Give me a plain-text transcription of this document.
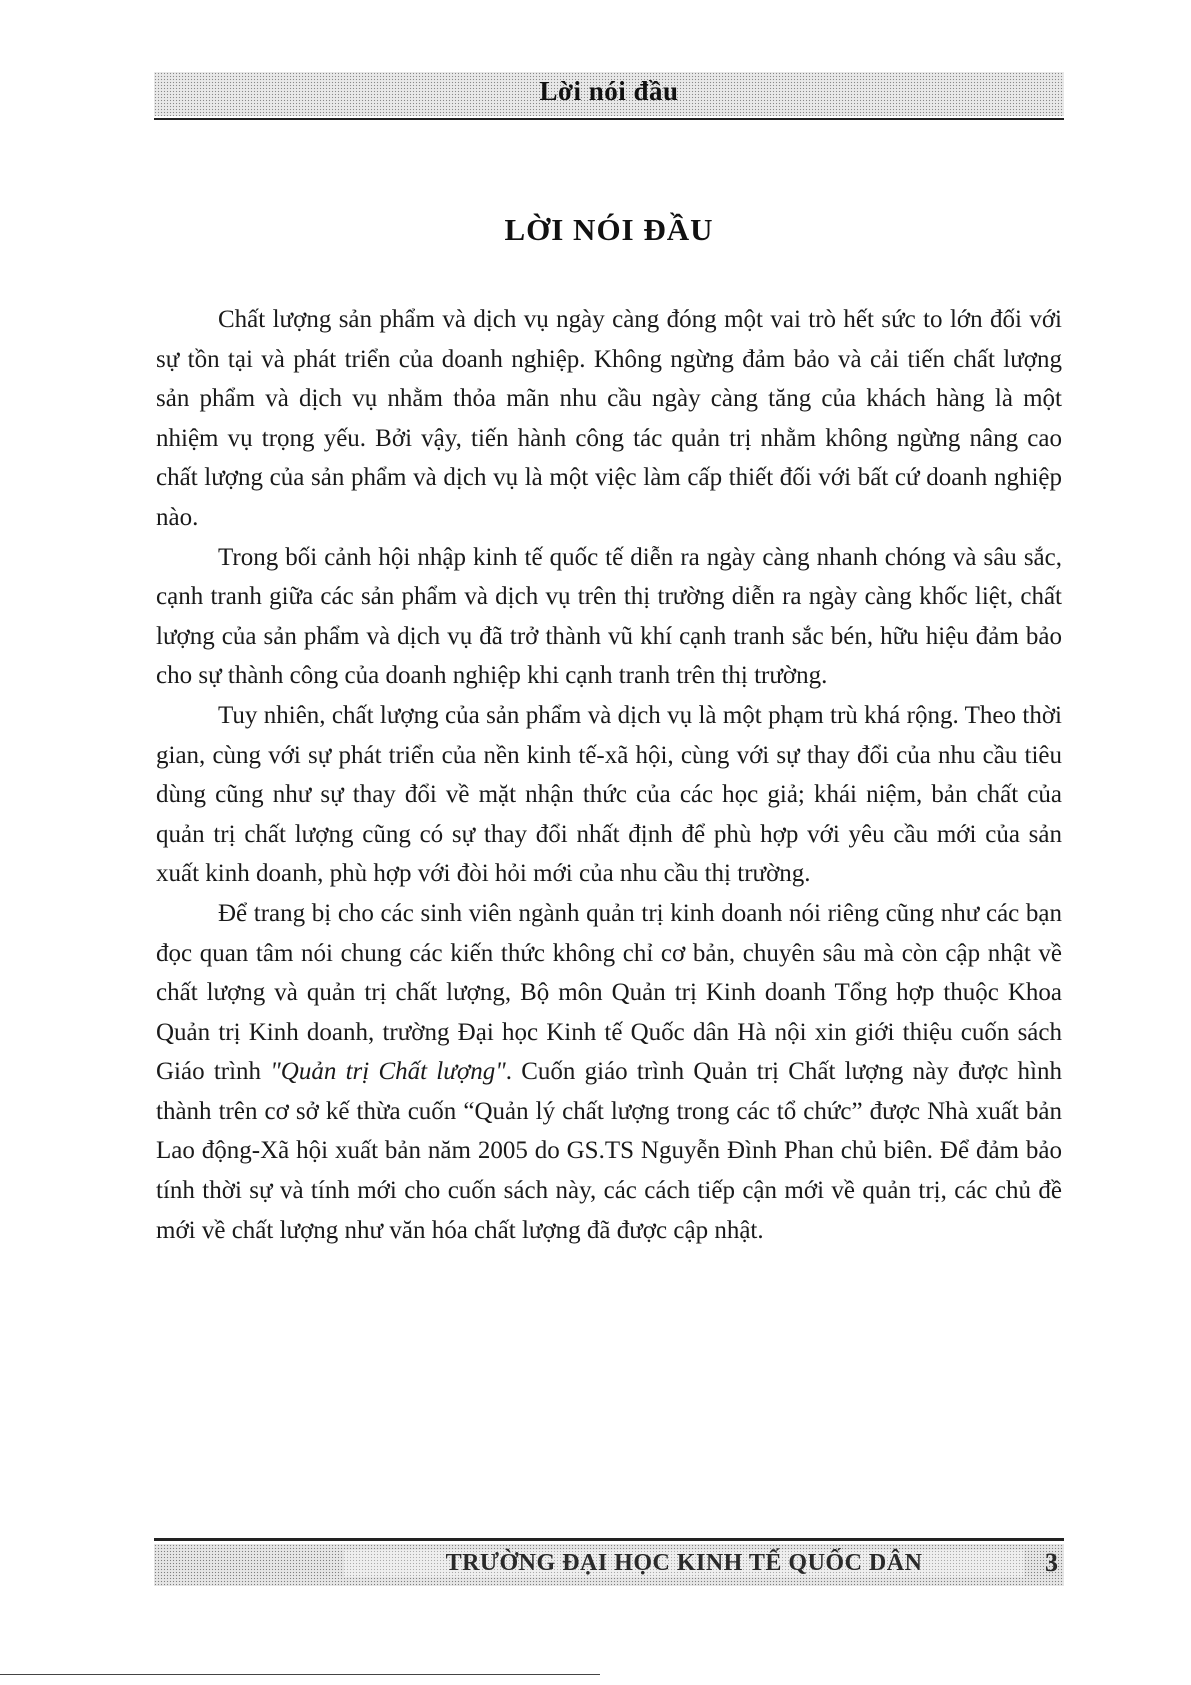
Lời nói đầu
LỜI NÓI ĐẦU

Chất lượng sản phẩm và dịch vụ ngày càng đóng một vai trò hết sức to lớn đối với sự tồn tại và phát triển của doanh nghiệp. Không ngừng đảm bảo và cải tiến chất lượng sản phẩm và dịch vụ nhằm thỏa mãn nhu cầu ngày càng tăng của khách hàng là một nhiệm vụ trọng yếu. Bởi vậy, tiến hành công tác quản trị nhằm không ngừng nâng cao chất lượng của sản phẩm và dịch vụ là một việc làm cấp thiết đối với bất cứ doanh nghiệp nào.

Trong bối cảnh hội nhập kinh tế quốc tế diễn ra ngày càng nhanh chóng và sâu sắc, cạnh tranh giữa các sản phẩm và dịch vụ trên thị trường diễn ra ngày càng khốc liệt, chất lượng của sản phẩm và dịch vụ đã trở thành vũ khí cạnh tranh sắc bén, hữu hiệu đảm bảo cho sự thành công của doanh nghiệp khi cạnh tranh trên thị trường.

Tuy nhiên, chất lượng của sản phẩm và dịch vụ là một phạm trù khá rộng. Theo thời gian, cùng với sự phát triển của nền kinh tế-xã hội, cùng với sự thay đổi của nhu cầu tiêu dùng cũng như sự thay đổi về mặt nhận thức của các học giả; khái niệm, bản chất của quản trị chất lượng cũng có sự thay đổi nhất định để phù hợp với yêu cầu mới của sản xuất kinh doanh, phù hợp với đòi hỏi mới của nhu cầu thị trường.

Để trang bị cho các sinh viên ngành quản trị kinh doanh nói riêng cũng như các bạn đọc quan tâm nói chung các kiến thức không chỉ cơ bản, chuyên sâu mà còn cập nhật về chất lượng và quản trị chất lượng, Bộ môn Quản trị Kinh doanh Tổng hợp thuộc Khoa Quản trị Kinh doanh, trường Đại học Kinh tế Quốc dân Hà nội xin giới thiệu cuốn sách Giáo trình "Quản trị Chất lượng". Cuốn giáo trình Quản trị Chất lượng này được hình thành trên cơ sở kế thừa cuốn “Quản lý chất lượng trong các tổ chức” được Nhà xuất bản Lao động-Xã hội xuất bản năm 2005 do GS.TS Nguyễn Đình Phan chủ biên. Để đảm bảo tính thời sự và tính mới cho cuốn sách này, các cách tiếp cận mới về quản trị, các chủ đề mới về chất lượng như văn hóa chất lượng đã được cập nhật.

TRƯỜNG ĐẠI HỌC KINH TẾ QUỐC DÂN	3
